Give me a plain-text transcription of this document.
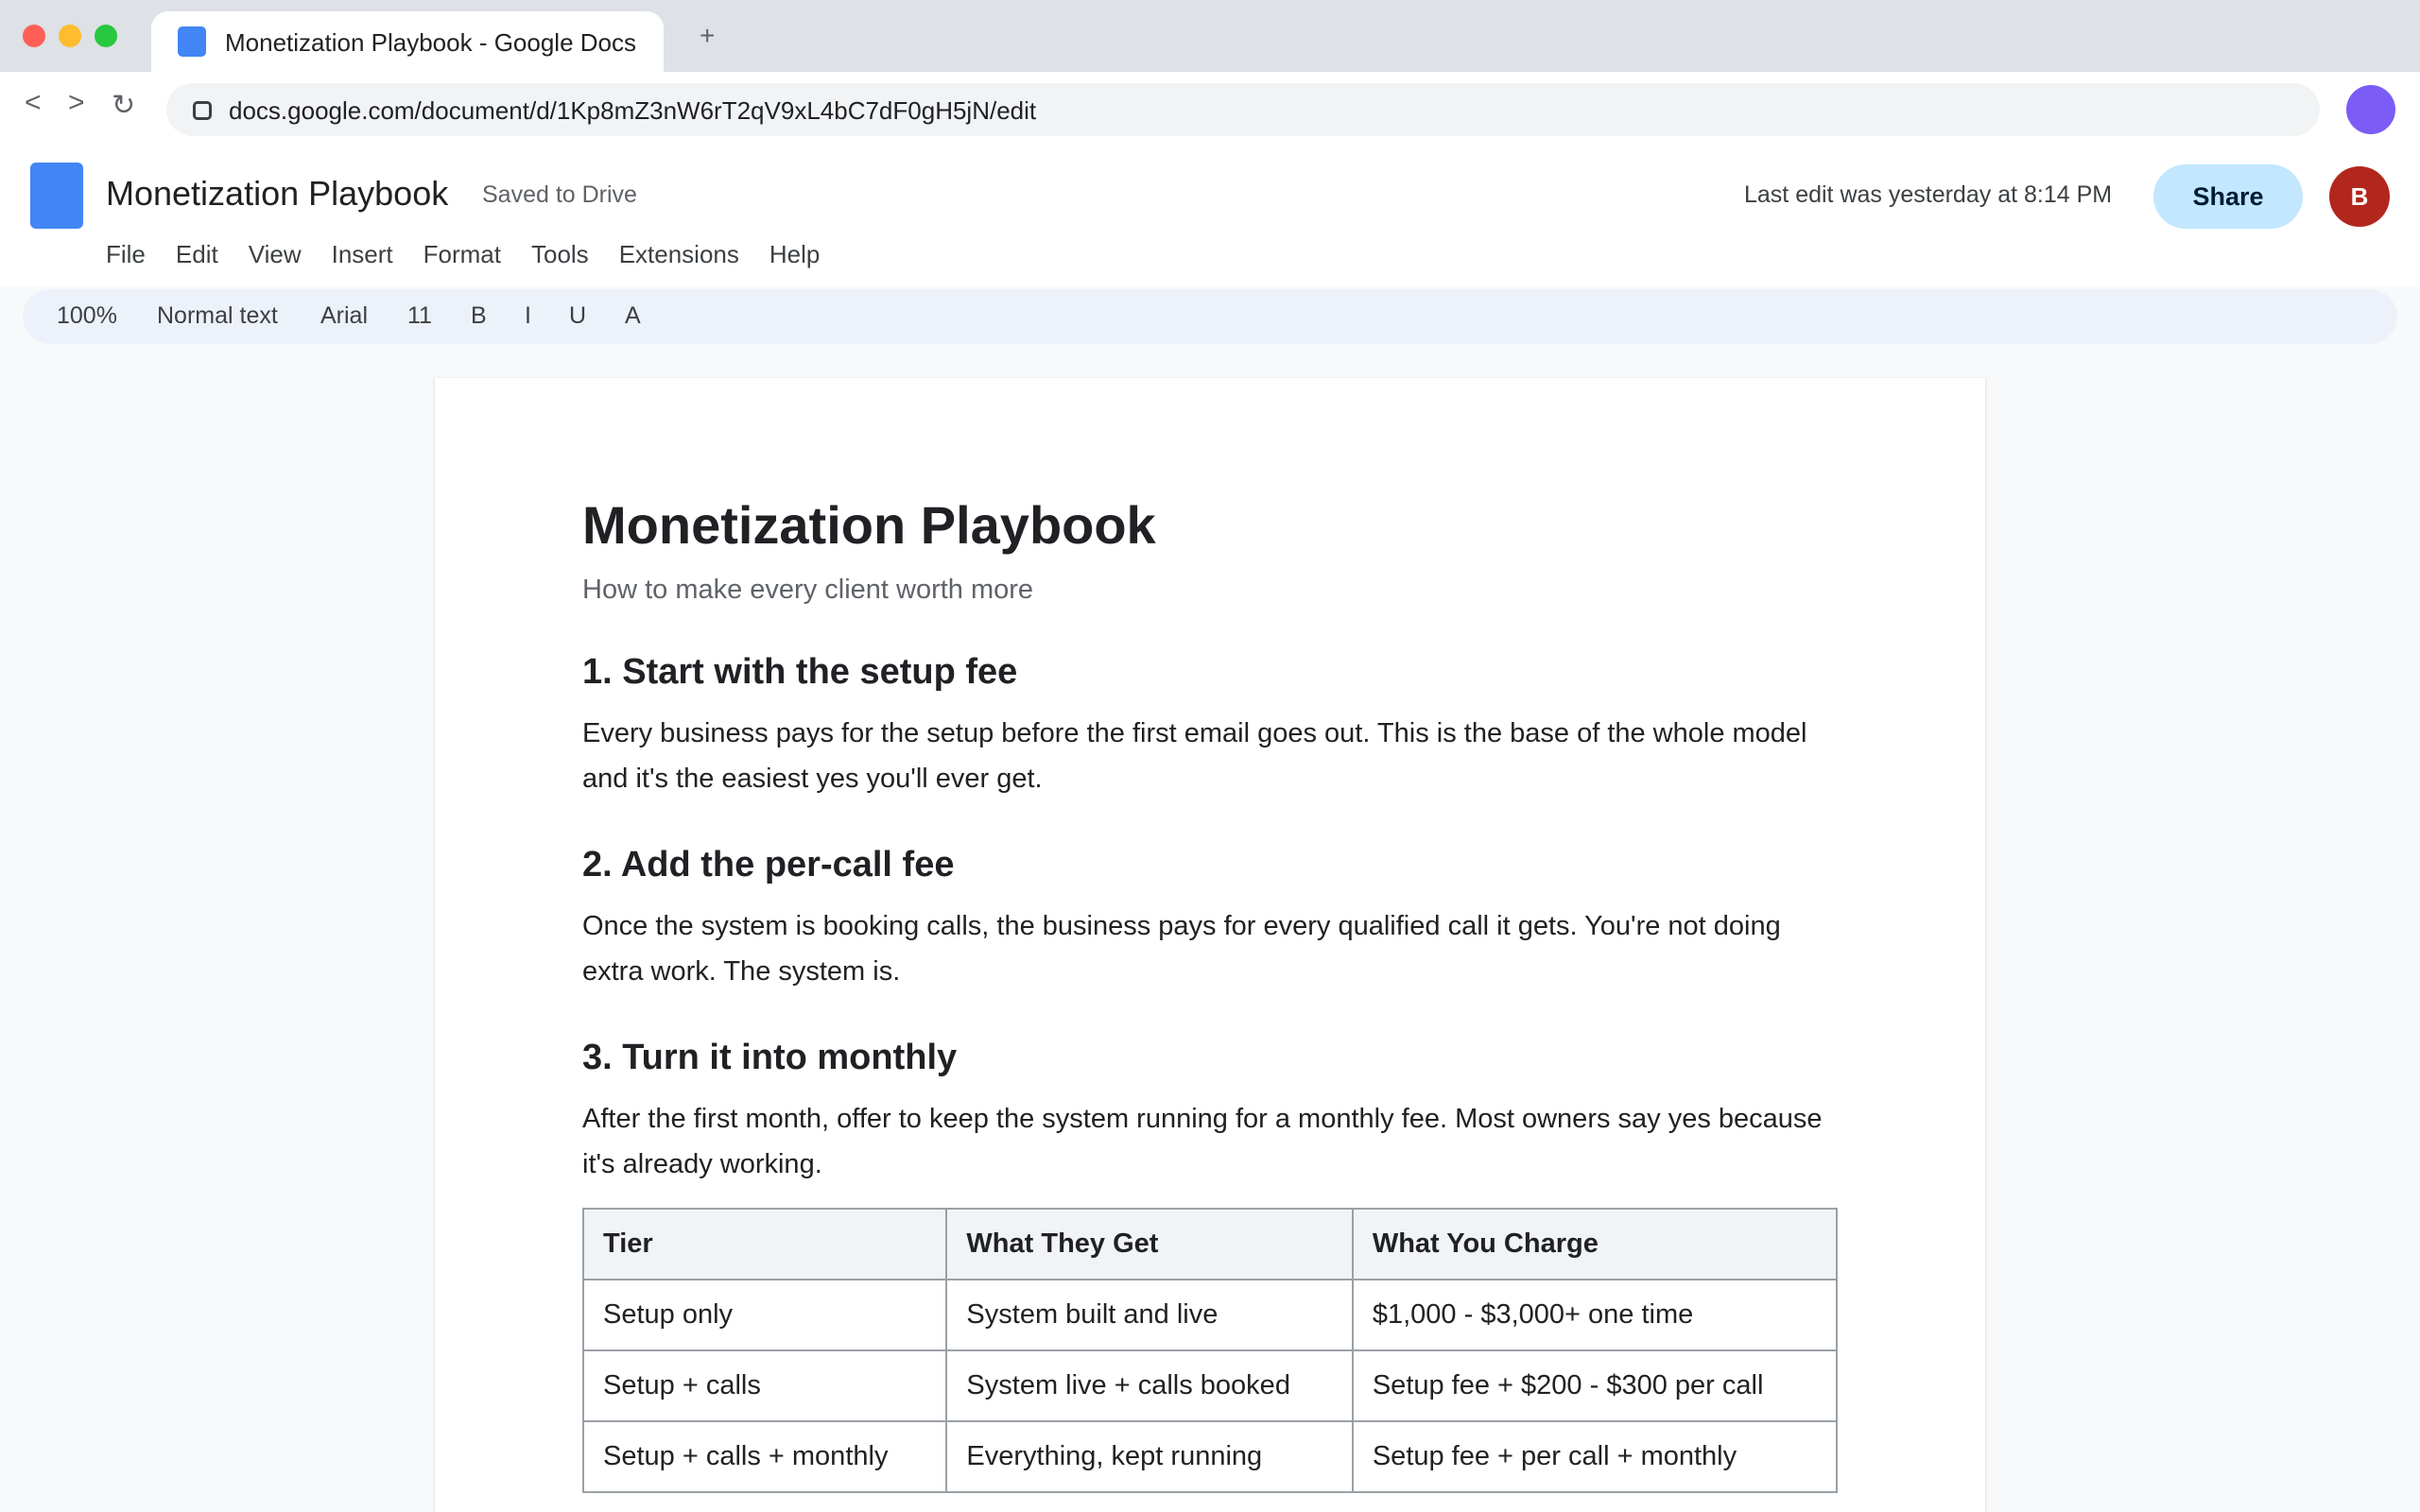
Monetization Playbook - Google Docs +
< > ↻	docs.google.com/document/d/1Kp8mZ3nW6rT2qV9xL4bC7dF0gH5jN/edit
Monetization Playbook Saved to Drive	Last edit was yesterday at 8:14 PM	Share	B
File Edit View Insert Format Tools Extensions Help
100% Normal text Arial 11 B I U A
Monetization Playbook
How to make every client worth more
1. Start with the setup fee
Every business pays for the setup before the first email goes out. This is the base of the whole model and it's the easiest yes you'll ever get.
2. Add the per-call fee
Once the system is booking calls, the business pays for every qualified call it gets. You're not doing extra work. The system is.
3. Turn it into monthly
After the first month, offer to keep the system running for a monthly fee. Most owners say yes because it's already working.
Tier	What They Get	What You Charge
Setup only	System built and live	$1,000 - $3,000+ one time
Setup + calls	System live + calls booked	Setup fee + $200 - $300 per call
Setup + calls + monthly	Everything, kept running	Setup fee + per call + monthly
